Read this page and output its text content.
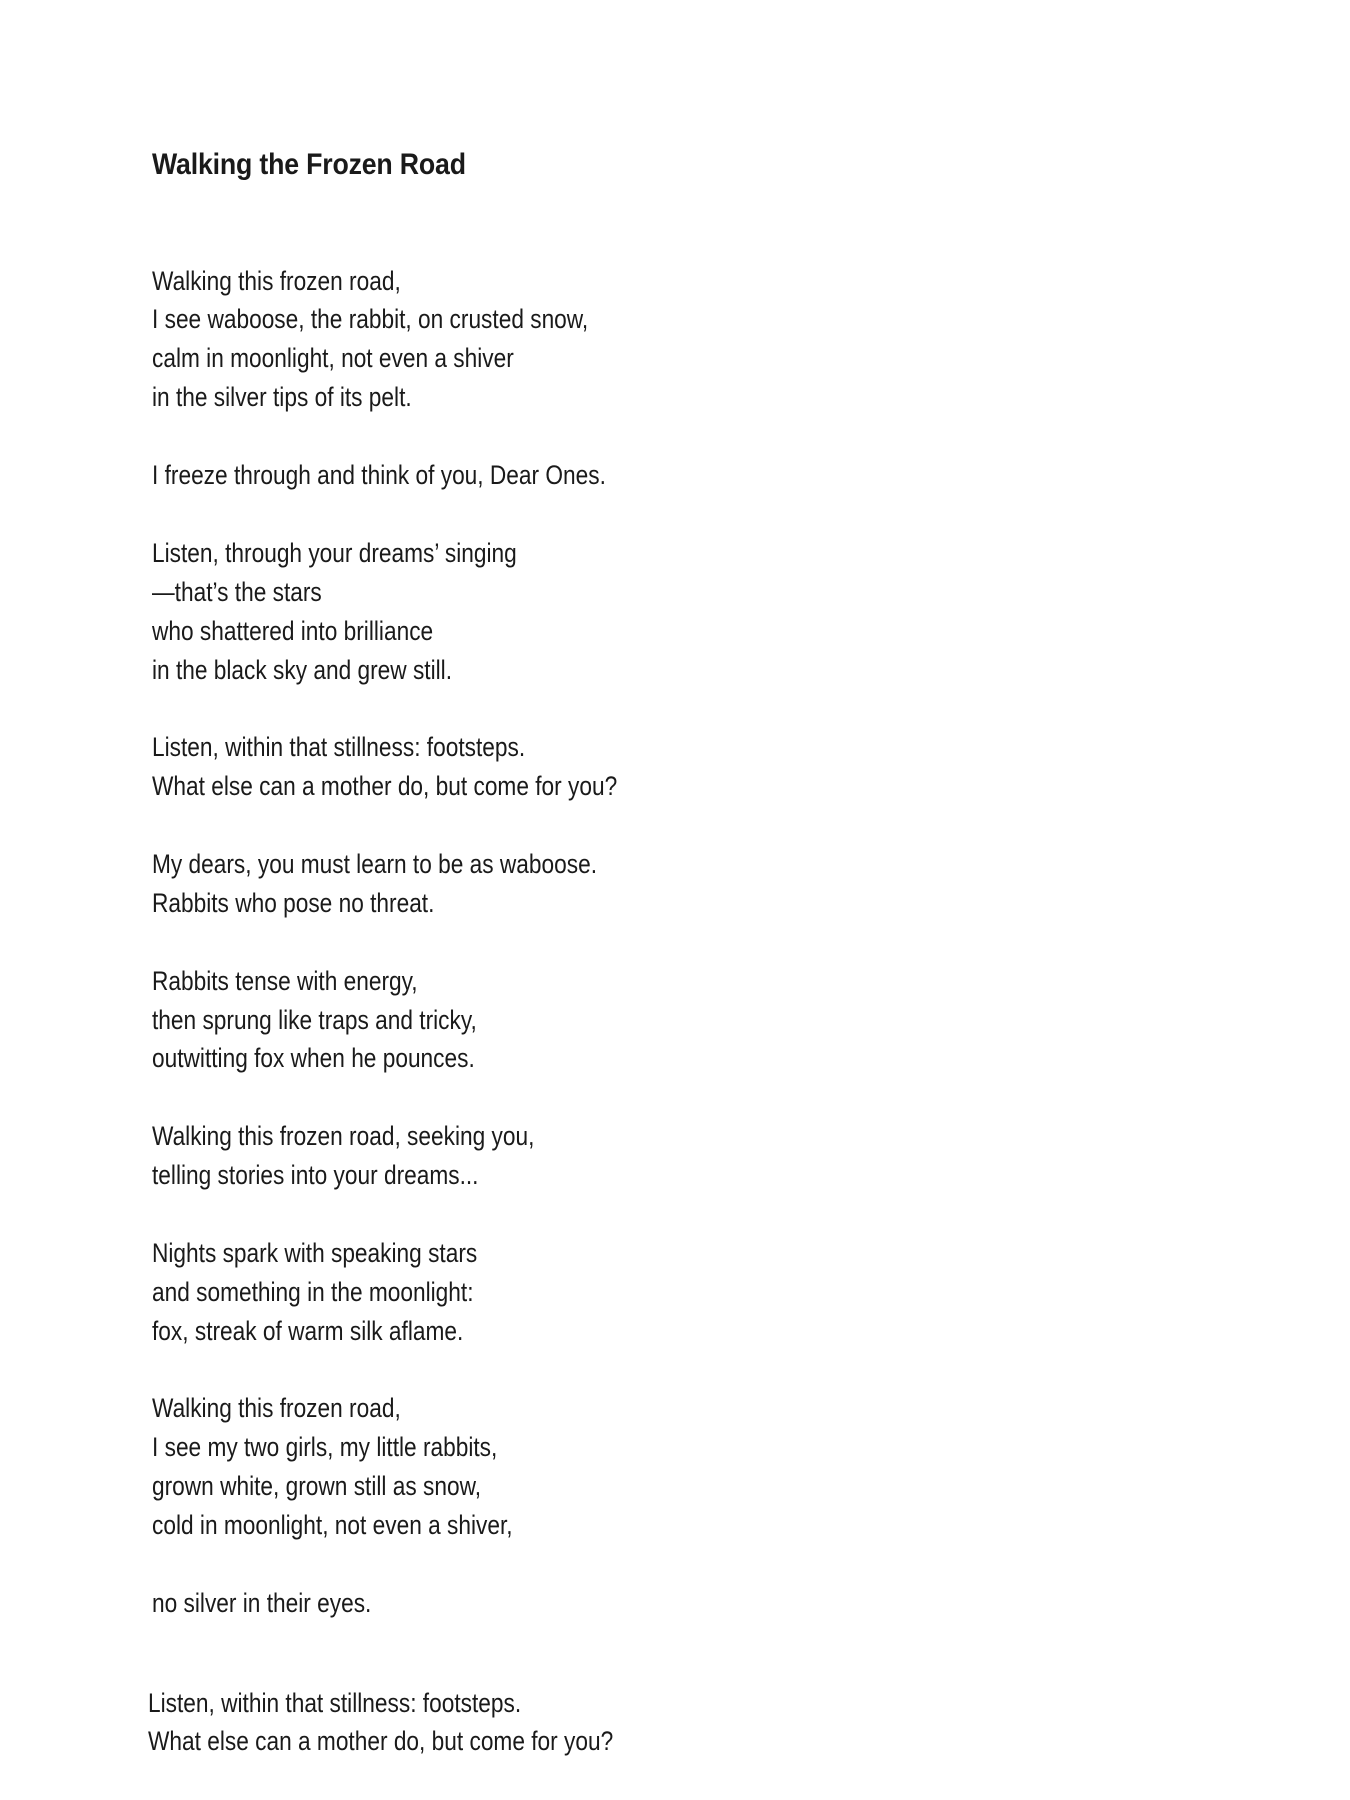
Walking the Frozen Road
Walking this frozen road,
I see waboose, the rabbit, on crusted snow,
calm in moonlight, not even a shiver
in the silver tips of its pelt.
I freeze through and think of you, Dear Ones.
Listen, through your dreams’ singing
—that’s the stars
who shattered into brilliance
in the black sky and grew still.
Listen, within that stillness: footsteps.
What else can a mother do, but come for you?
My dears, you must learn to be as waboose.
Rabbits who pose no threat.
Rabbits tense with energy,
then sprung like traps and tricky,
outwitting fox when he pounces.
Walking this frozen road, seeking you,
telling stories into your dreams...
Nights spark with speaking stars
and something in the moonlight:
fox, streak of warm silk aflame.
Walking this frozen road,
I see my two girls, my little rabbits,
grown white, grown still as snow,
cold in moonlight, not even a shiver,
no silver in their eyes.
Listen, within that stillness: footsteps.
What else can a mother do, but come for you?
